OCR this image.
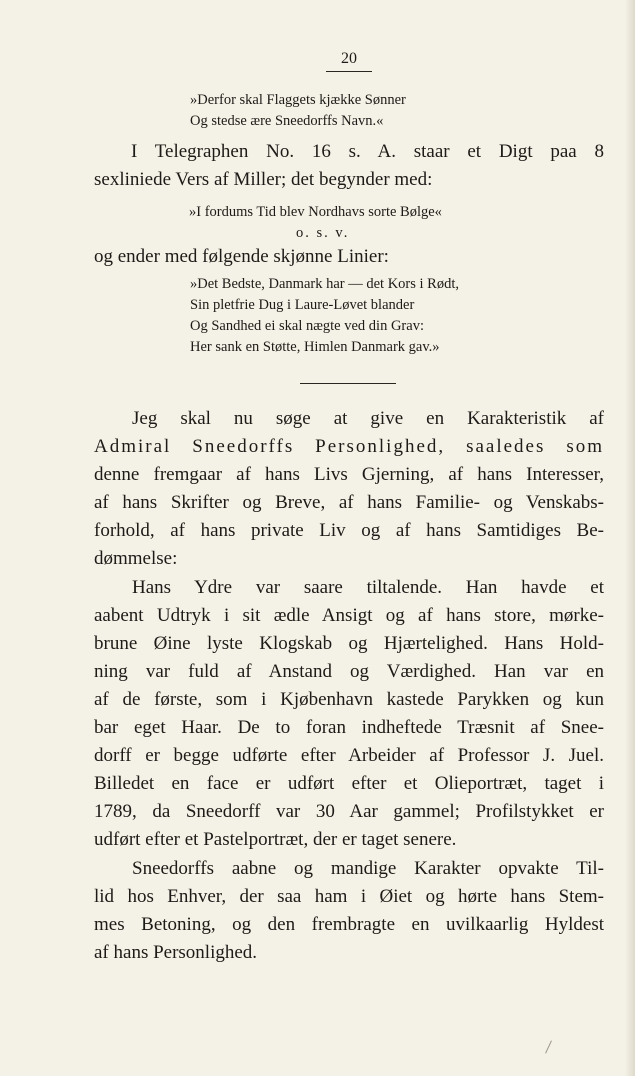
20
»Derfor skal Flaggets kjække Sønner
Og stedse ære Sneedorffs Navn.«
I Telegraphen No. 16 s. A. staar et Digt paa 8
sexliniede Vers af Miller; det begynder med:
»I fordums Tid blev Nordhavs sorte Bølge«
o. s. v.
og ender med følgende skjønne Linier:
»Det Bedste, Danmark har — det Kors i Rødt,
Sin pletfrie Dug i Laure-Løvet blander
Og Sandhed ei skal nægte ved din Grav:
Her sank en Støtte, Himlen Danmark gav.»
Jeg skal nu søge at give en Karakteristik af
Admiral Sneedorffs Personlighed, saaledes som
denne fremgaar af hans Livs Gjerning, af hans Interesser,
af hans Skrifter og Breve, af hans Familie- og Venskabs-
forhold, af hans private Liv og af hans Samtidiges Be-
dømmelse:
Hans Ydre var saare tiltalende. Han havde et
aabent Udtryk i sit ædle Ansigt og af hans store, mørke-
brune Øine lyste Klogskab og Hjærtelighed. Hans Hold-
ning var fuld af Anstand og Værdighed. Han var en
af de første, som i Kjøbenhavn kastede Parykken og kun
bar eget Haar. De to foran indheftede Træsnit af Snee-
dorff er begge udførte efter Arbeider af Professor J. Juel.
Billedet en face er udført efter et Olieportræt, taget i
1789, da Sneedorff var 30 Aar gammel; Profilstykket er
udført efter et Pastelportræt, der er taget senere.
Sneedorffs aabne og mandige Karakter opvakte Til-
lid hos Enhver, der saa ham i Øiet og hørte hans Stem-
mes Betoning, og den frembragte en uvilkaarlig Hyldest
af hans Personlighed.
